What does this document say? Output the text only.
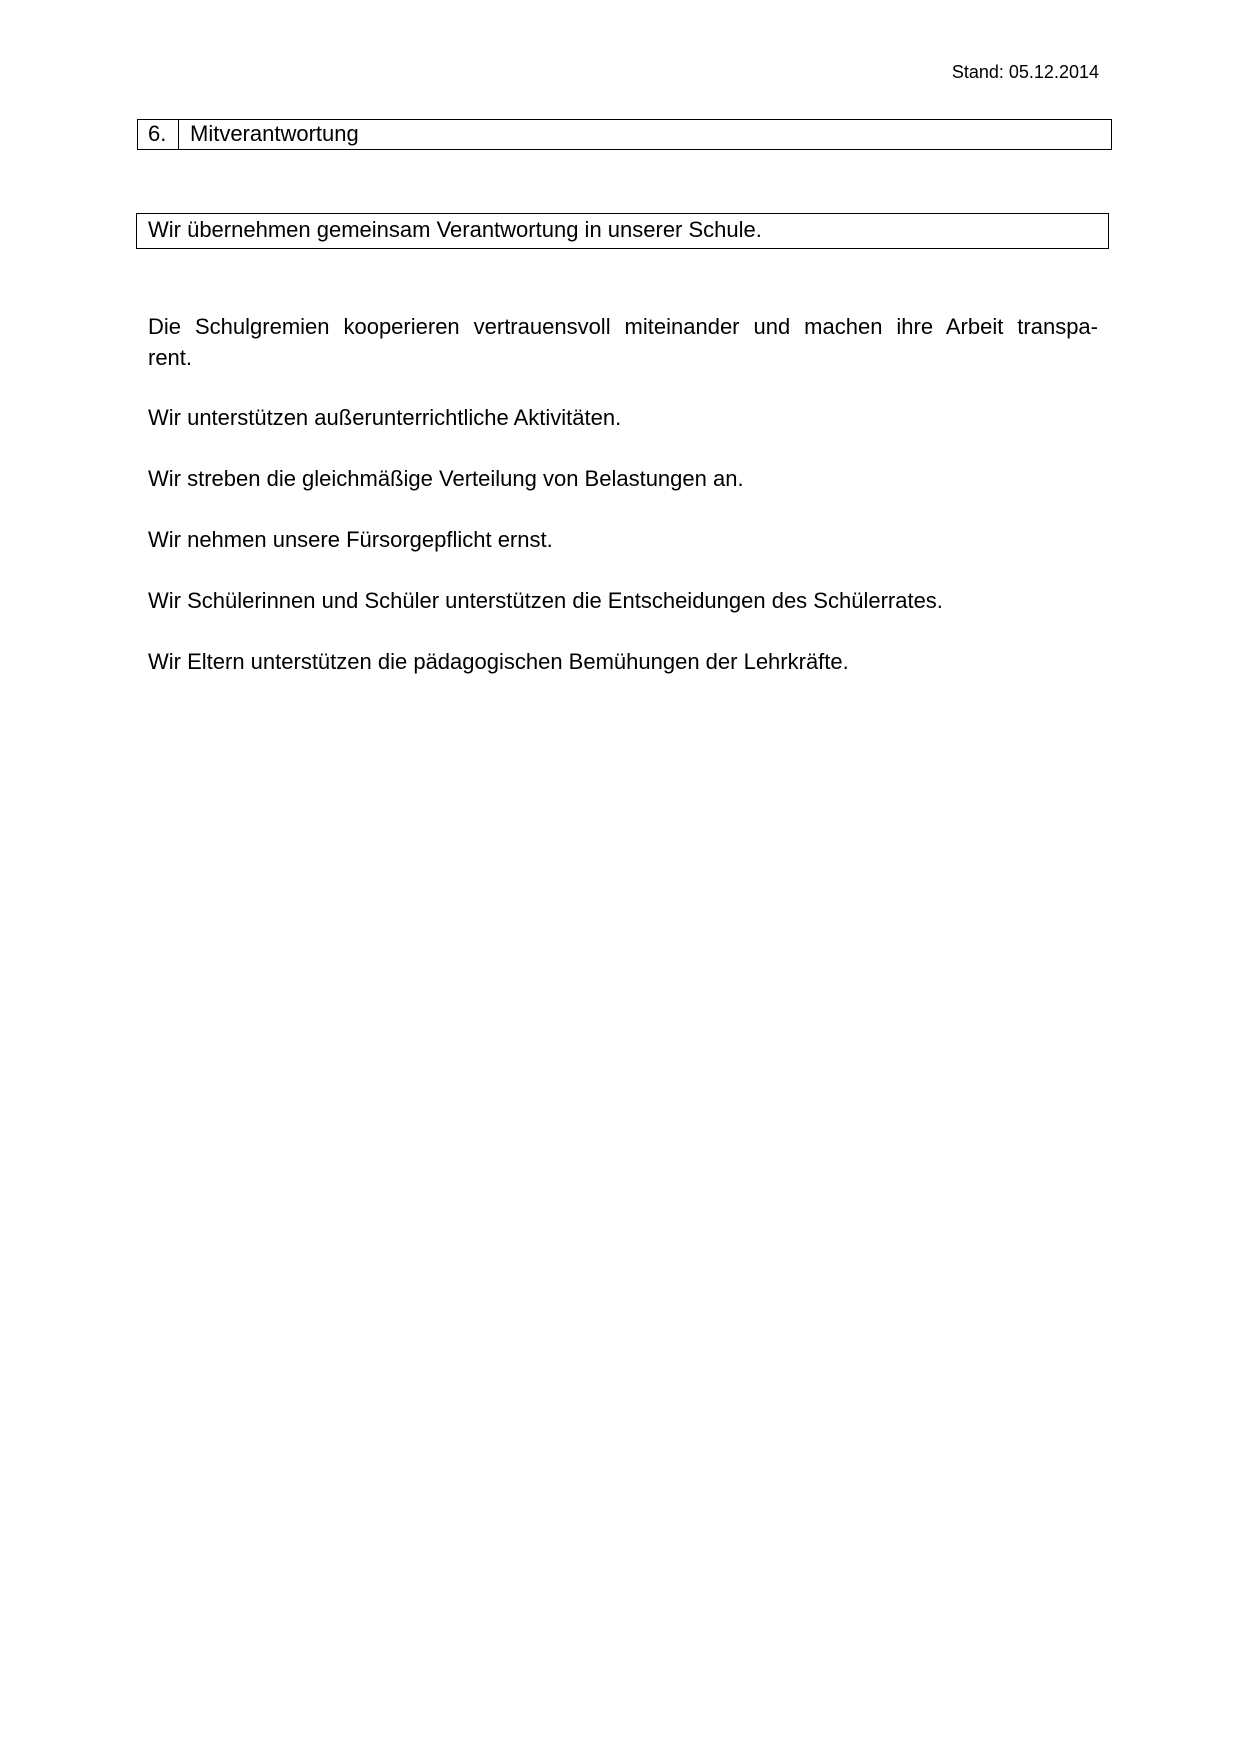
Stand: 05.12.2014
6.	Mitverantwortung
Wir übernehmen gemeinsam Verantwortung in unserer Schule.

Die Schulgremien kooperieren vertrauensvoll miteinander und machen ihre Arbeit transpa-
rent.

Wir unterstützen außerunterrichtliche Aktivitäten.

Wir streben die gleichmäßige Verteilung von Belastungen an.

Wir nehmen unsere Fürsorgepflicht ernst.

Wir Schülerinnen und Schüler unterstützen die Entscheidungen des Schülerrates.

Wir Eltern unterstützen die pädagogischen Bemühungen der Lehrkräfte.
